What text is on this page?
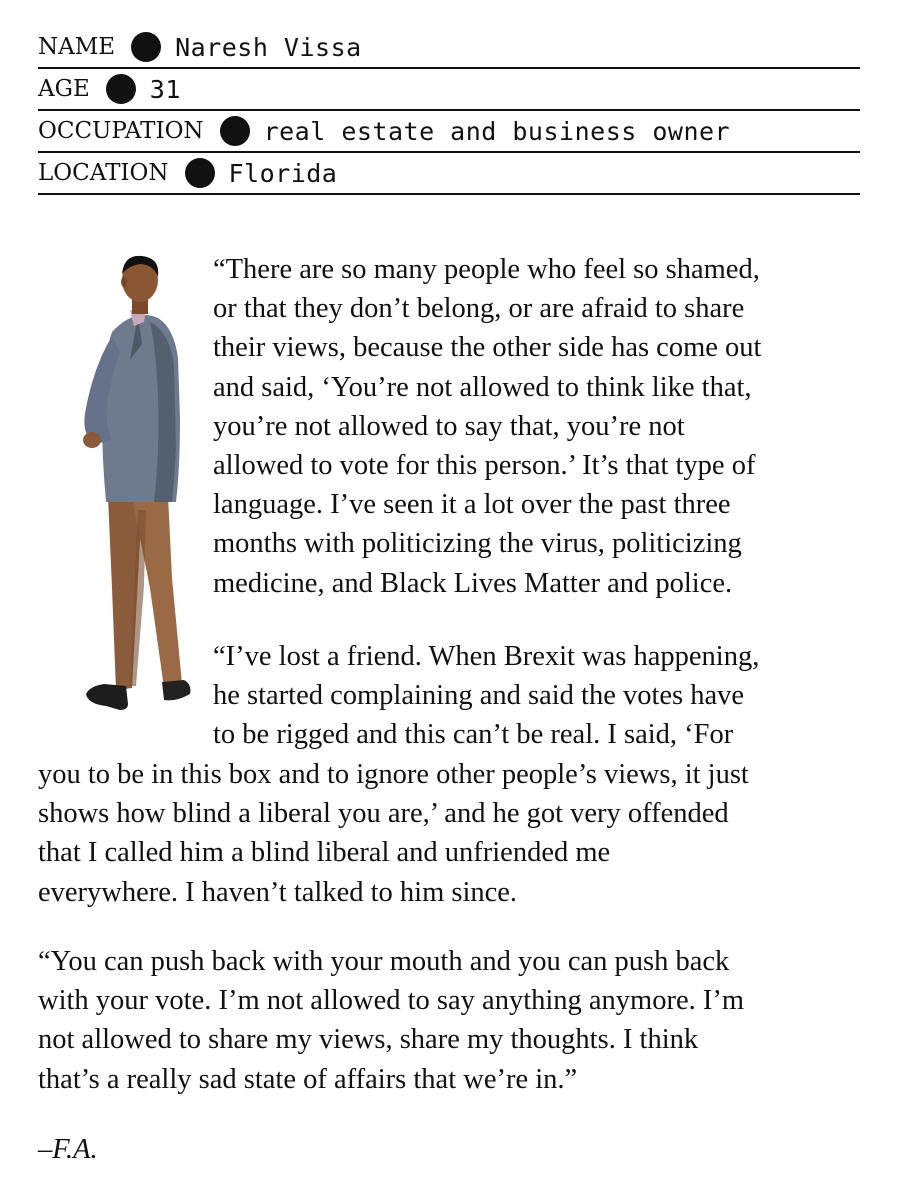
NAME Naresh Vissa
AGE 31
OCCUPATION real estate and business owner
LOCATION Florida
“There are so many people who feel so shamed,
or that they don’t belong, or are afraid to share
their views, because the other side has come out
and said, ‘You’re not allowed to think like that,
you’re not allowed to say that, you’re not
allowed to vote for this person.’ It’s that type of
language. I’ve seen it a lot over the past three
months with politicizing the virus, politicizing
medicine, and Black Lives Matter and police.
“I’ve lost a friend. When Brexit was happening,
he started complaining and said the votes have
to be rigged and this can’t be real. I said, ‘For
you to be in this box and to ignore other people’s views, it just
shows how blind a liberal you are,’ and he got very offended
that I called him a blind liberal and unfriended me
everywhere. I haven’t talked to him since.
“You can push back with your mouth and you can push back
with your vote. I’m not allowed to say anything anymore. I’m
not allowed to share my views, share my thoughts. I think
that’s a really sad state of affairs that we’re in.”
–F.A.
